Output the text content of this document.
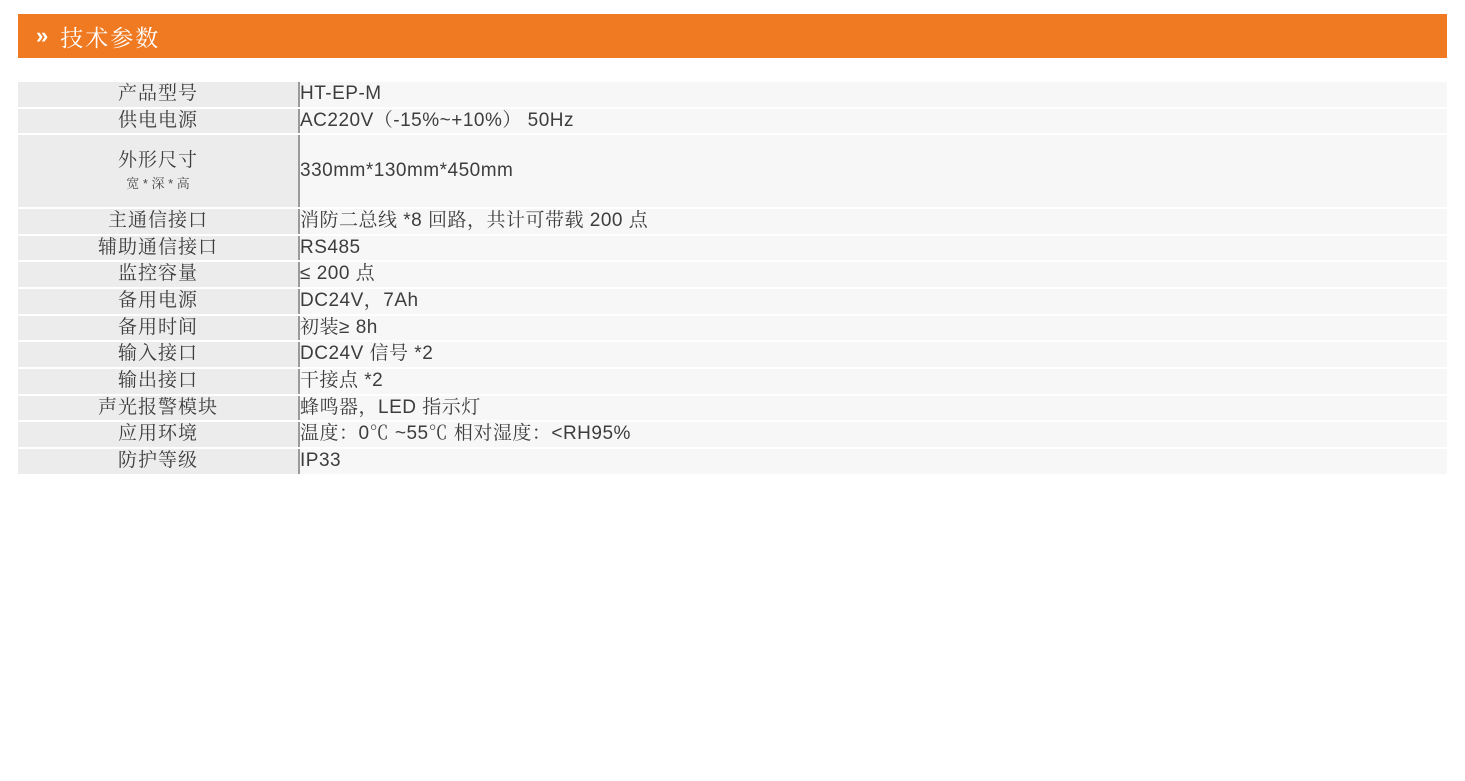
» 技术参数
产品型号	HT-EP-M
供电电源	AC220V（-15%~+10%） 50Hz
外形尺寸
宽 * 深 * 高	330mm*130mm*450mm
主通信接口	消防二总线 *8 回路，共计可带载 200 点
辅助通信接口	RS485
监控容量	≤ 200 点
备用电源	DC24V，7Ah
备用时间	初装≥ 8h
输入接口	DC24V 信号 *2
输出接口	干接点 *2
声光报警模块	蜂鸣器，LED 指示灯
应用环境	温度：0℃ ~55℃ 相对湿度：<RH95%
防护等级	IP33
